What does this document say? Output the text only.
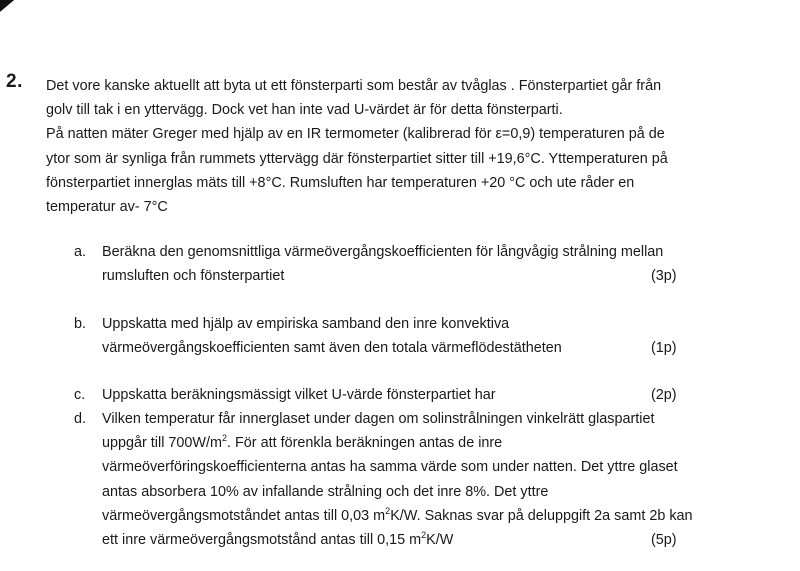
2. Det vore kanske aktuellt att byta ut ett fönsterparti som består av tvåglas . Fönsterpartiet går från
golv till tak i en yttervägg. Dock vet han inte vad U-värdet är för detta fönsterparti.
På natten mäter Greger med hjälp av en IR termometer (kalibrerad för ε=0,9) temperaturen på de
ytor som är synliga från rummets yttervägg där fönsterpartiet sitter till +19,6°C. Yttemperaturen på
fönsterpartiet innerglas mäts till +8°C. Rumsluften har temperaturen +20 °C och ute råder en
temperatur av- 7°C
a. Beräkna den genomsnittliga värmeövergångskoefficienten för långvågig strålning mellan
rumsluften och fönsterpartiet	(3p)
b. Uppskatta med hjälp av empiriska samband den inre konvektiva
värmeövergångskoefficienten samt även den totala värmeflödestätheten	(1p)
c. Uppskatta beräkningsmässigt vilket U-värde fönsterpartiet har	(2p)
d. Vilken temperatur får innerglaset under dagen om solinstrålningen vinkelrätt glaspartiet
uppgår till $700W/m^2$. För att förenkla beräkningen antas de inre
värmeöverföringskoefficienterna antas ha samma värde som under natten. Det yttre glaset
antas absorbera 10% av infallande strålning och det inre 8%. Det yttre
värmeövergångsmotståndet antas till 0,03 $m^2K/W$. Saknas svar på deluppgift 2a samt 2b kan
ett inre värmeövergångsmotstånd antas till 0,15 $m^2K/W$	(5p)
